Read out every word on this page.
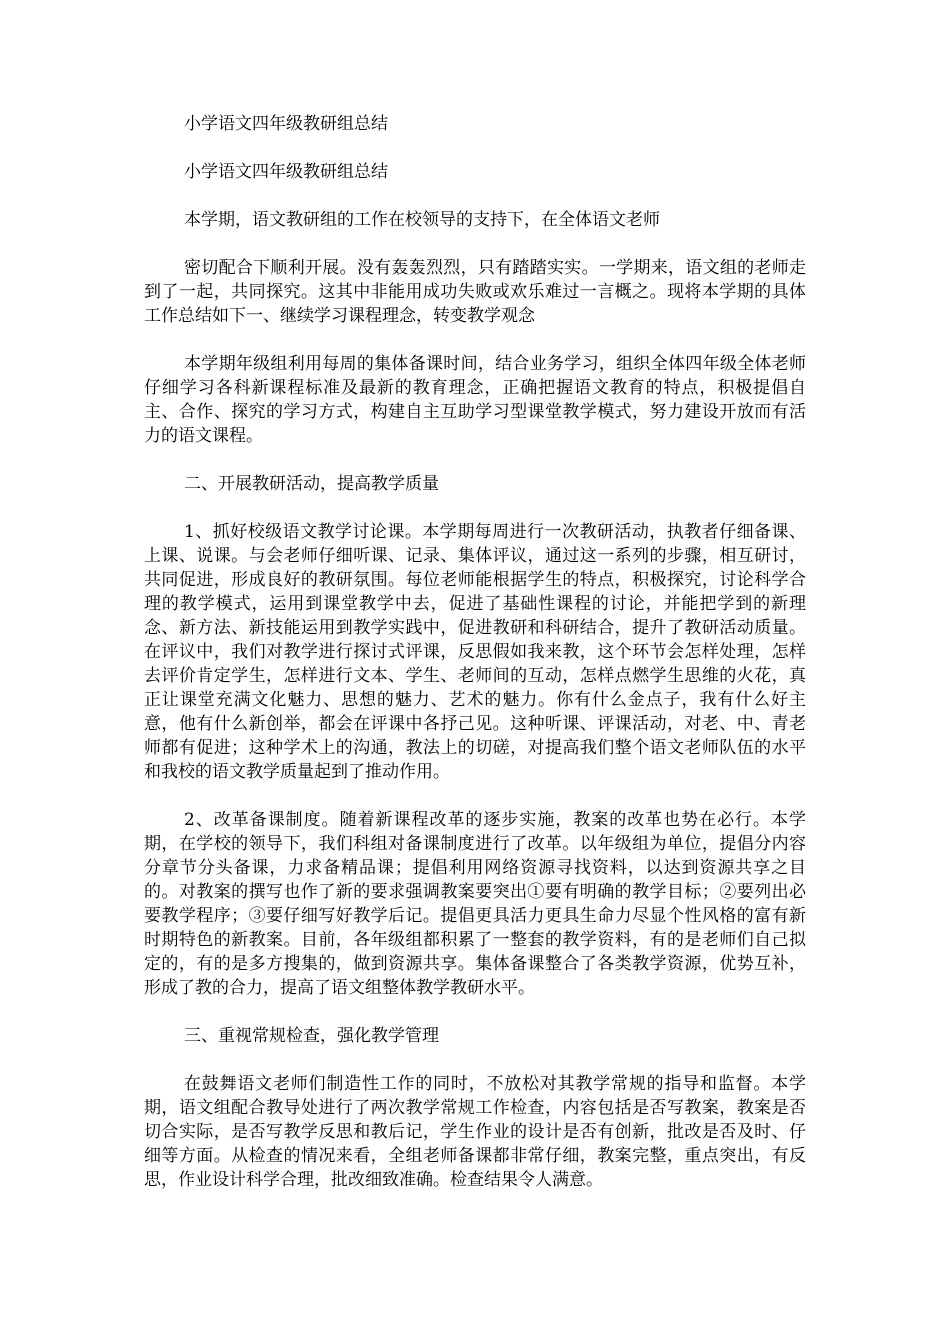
小学语文四年级教研组总结

小学语文四年级教研组总结

本学期，语文教研组的工作在校领导的支持下，在全体语文老师

密切配合下顺利开展。没有轰轰烈烈，只有踏踏实实。一学期来，语文组的老师走到了一起，共同探究。这其中非能用成功失败或欢乐难过一言概之。现将本学期的具体工作总结如下一、继续学习课程理念，转变教学观念

本学期年级组利用每周的集体备课时间，结合业务学习，组织全体四年级全体老师仔细学习各科新课程标准及最新的教育理念，正确把握语文教育的特点，积极提倡自主、合作、探究的学习方式，构建自主互助学习型课堂教学模式，努力建设开放而有活力的语文课程。

二、开展教研活动，提高教学质量

1、抓好校级语文教学讨论课。本学期每周进行一次教研活动，执教者仔细备课、上课、说课。与会老师仔细听课、记录、集体评议，通过这一系列的步骤，相互研讨，共同促进，形成良好的教研氛围。每位老师能根据学生的特点，积极探究，讨论科学合理的教学模式，运用到课堂教学中去，促进了基础性课程的讨论，并能把学到的新理念、新方法、新技能运用到教学实践中，促进教研和科研结合，提升了教研活动质量。在评议中，我们对教学进行探讨式评课，反思假如我来教，这个环节会怎样处理，怎样去评价肯定学生，怎样进行文本、学生、老师间的互动，怎样点燃学生思维的火花，真正让课堂充满文化魅力、思想的魅力、艺术的魅力。你有什么金点子，我有什么好主意，他有什么新创举，都会在评课中各抒己见。这种听课、评课活动，对老、中、青老师都有促进；这种学术上的沟通，教法上的切磋，对提高我们整个语文老师队伍的水平和我校的语文教学质量起到了推动作用。

2、改革备课制度。随着新课程改革的逐步实施，教案的改革也势在必行。本学期，在学校的领导下，我们科组对备课制度进行了改革。以年级组为单位，提倡分内容分章节分头备课，力求备精品课；提倡利用网络资源寻找资料，以达到资源共享之目的。对教案的撰写也作了新的要求强调教案要突出①要有明确的教学目标；②要列出必要教学程序；③要仔细写好教学后记。提倡更具活力更具生命力尽显个性风格的富有新时期特色的新教案。目前，各年级组都积累了一整套的教学资料，有的是老师们自己拟定的，有的是多方搜集的，做到资源共享。集体备课整合了各类教学资源，优势互补，形成了教的合力，提高了语文组整体教学教研水平。

三、重视常规检查，强化教学管理

在鼓舞语文老师们制造性工作的同时，不放松对其教学常规的指导和监督。本学期，语文组配合教导处进行了两次教学常规工作检查，内容包括是否写教案，教案是否切合实际，是否写教学反思和教后记，学生作业的设计是否有创新，批改是否及时、仔细等方面。从检查的情况来看，全组老师备课都非常仔细，教案完整，重点突出，有反思，作业设计科学合理，批改细致准确。检查结果令人满意。
